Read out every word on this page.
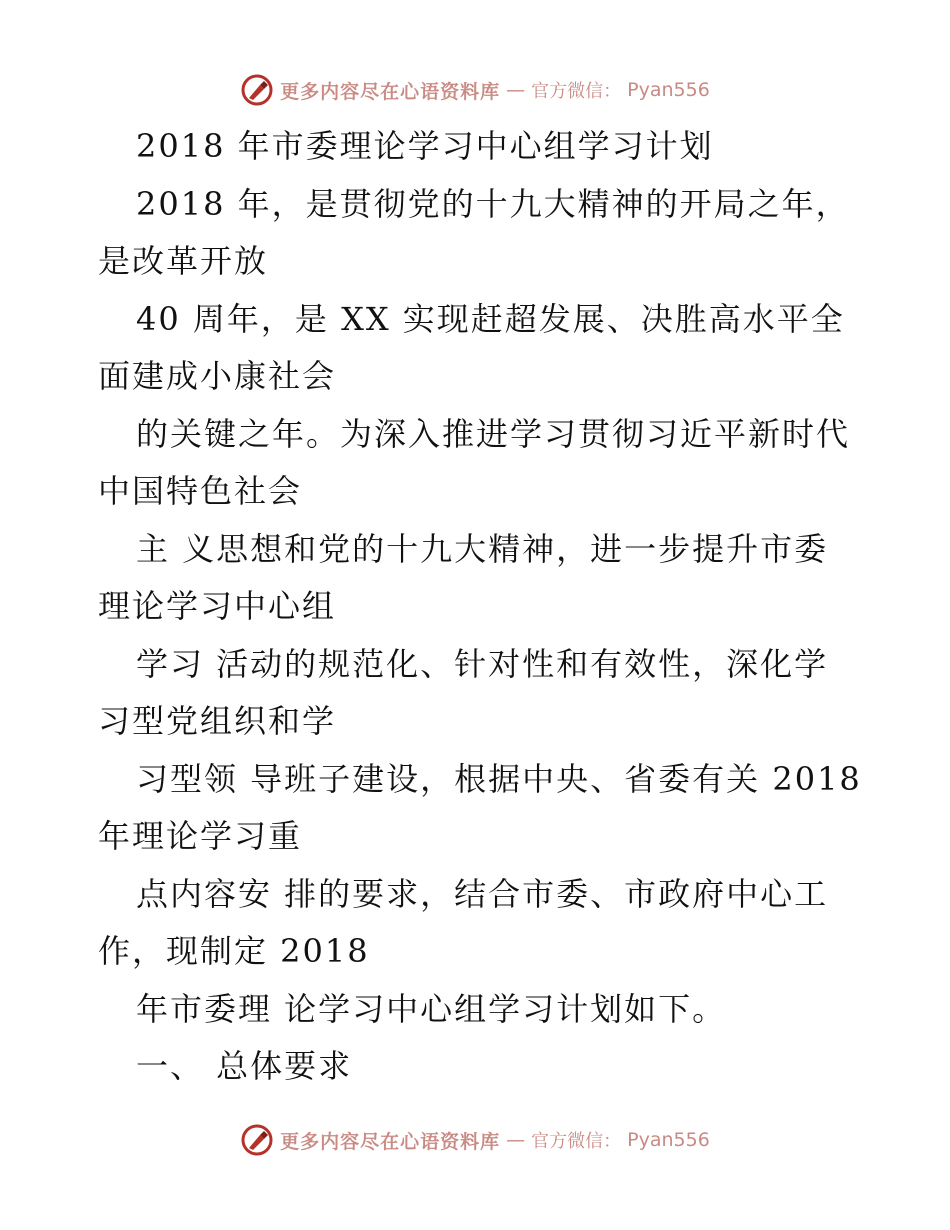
更多内容尽在心语资料库 — 官方微信： Pyan556
2018 年市委理论学习中心组学习计划
2018 年，是贯彻党的十九大精神的开局之年，
是改革开放
40 周年，是 XX 实现赶超发展、决胜高水平全
面建成小康社会
的关键之年。为深入推进学习贯彻习近平新时代
中国特色社会
主 义思想和党的十九大精神，进一步提升市委
理论学习中心组
学习 活动的规范化、针对性和有效性，深化学
习型党组织和学
习型领 导班子建设，根据中央、省委有关 2018
年理论学习重
点内容安 排的要求，结合市委、市政府中心工
作，现制定 2018
年市委理 论学习中心组学习计划如下。
一、 总体要求
更多内容尽在心语资料库 — 官方微信： Pyan556
